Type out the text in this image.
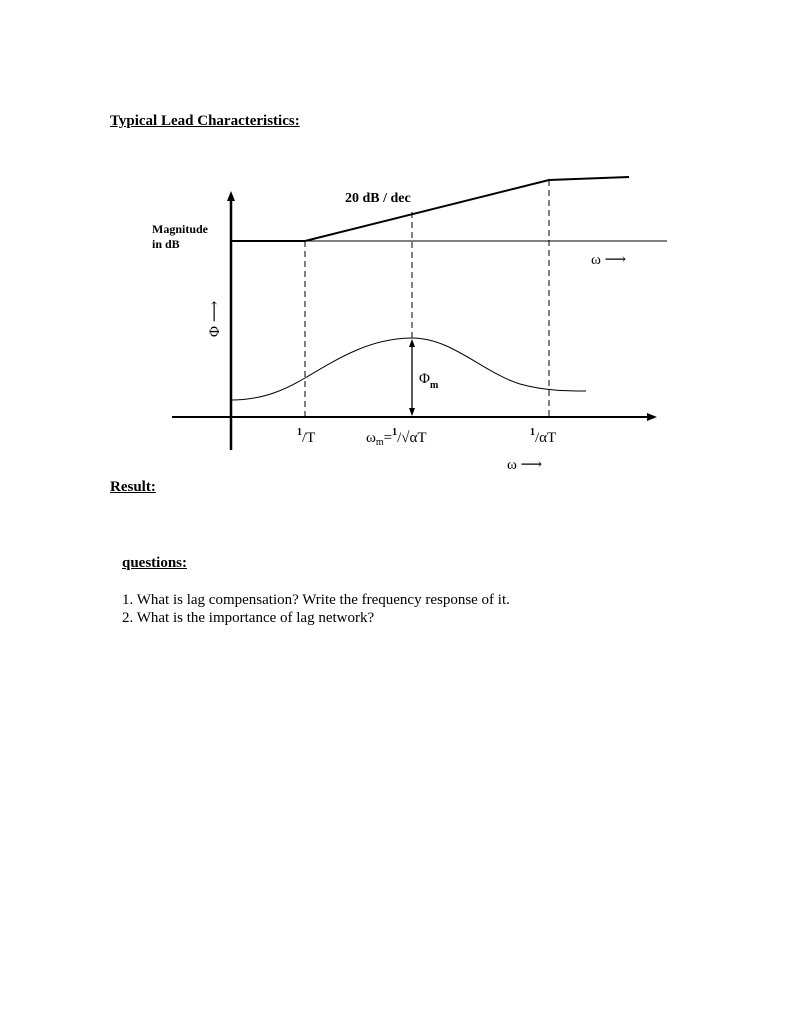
Typical Lead Characteristics:
20 dB / dec
Magnitude
in dB
ω ⟶
Φ ⟶
$\Phi_m$
$^1$/T	$\omega_m=^1/√\alpha T$	$^1$/αT
ω ⟶
Result:
questions:
1. What is lag compensation? Write the frequency response of it.
2. What is the importance of lag network?
